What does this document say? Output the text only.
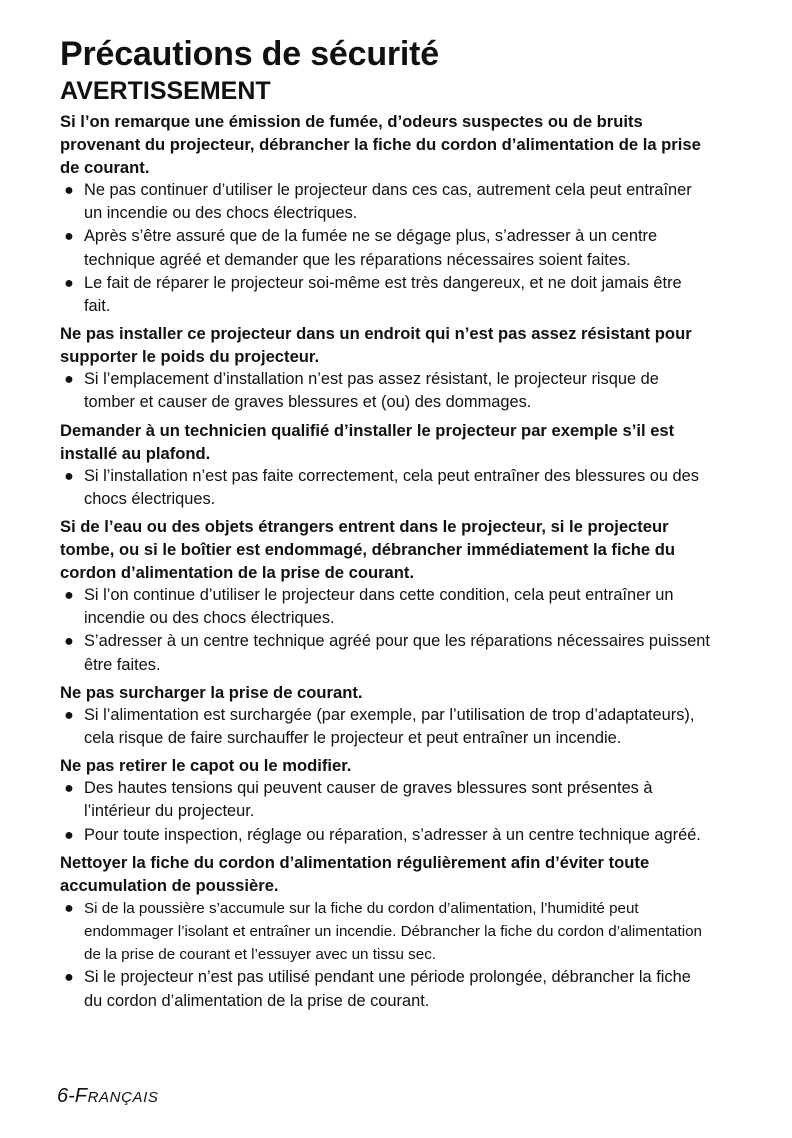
Précautions de sécurité
AVERTISSEMENT

Si l’on remarque une émission de fumée, d’odeurs suspectes ou de bruits provenant du projecteur, débrancher la fiche du cordon d’alimentation de la prise de courant.

● Ne pas continuer d’utiliser le projecteur dans ces cas, autrement cela peut entraîner un incendie ou des chocs électriques.
● Après s’être assuré que de la fumée ne se dégage plus, s’adresser à un centre technique agréé et demander que les réparations nécessaires soient faites.
● Le fait de réparer le projecteur soi-même est très dangereux, et ne doit jamais être fait.

Ne pas installer ce projecteur dans un endroit qui n’est pas assez résistant pour supporter le poids du projecteur.

● Si l’emplacement d’installation n’est pas assez résistant, le projecteur risque de tomber et causer de graves blessures et (ou) des dommages.

Demander à un technicien qualifié d’installer le projecteur par exemple s’il est installé au plafond.

● Si l’installation n’est pas faite correctement, cela peut entraîner des blessures ou des chocs électriques.

Si de l’eau ou des objets étrangers entrent dans le projecteur, si le projecteur tombe, ou si le boîtier est endommagé, débrancher immédiatement la fiche du cordon d’alimentation de la prise de courant.

● Si l’on continue d’utiliser le projecteur dans cette condition, cela peut entraîner un incendie ou des chocs électriques.
● S’adresser à un centre technique agréé pour que les réparations nécessaires puissent être faites.

Ne pas surcharger la prise de courant.

● Si l’alimentation est surchargée (par exemple, par l’utilisation de trop d’adaptateurs), cela risque de faire surchauffer le projecteur et peut entraîner un incendie.

Ne pas retirer le capot ou le modifier.

● Des hautes tensions qui peuvent causer de graves blessures sont présentes à l’intérieur du projecteur.
● Pour toute inspection, réglage ou réparation, s’adresser à un centre technique agréé.

Nettoyer la fiche du cordon d’alimentation régulièrement afin d’éviter toute accumulation de poussière.

● Si de la poussière s’accumule sur la fiche du cordon d’alimentation, l’humidité peut endommager l’isolant et entraîner un incendie. Débrancher la fiche du cordon d’alimentation de la prise de courant et l’essuyer avec un tissu sec.
● Si le projecteur n’est pas utilisé pendant une période prolongée, débrancher la fiche du cordon d’alimentation de la prise de courant.
6-FRANÇAIS
